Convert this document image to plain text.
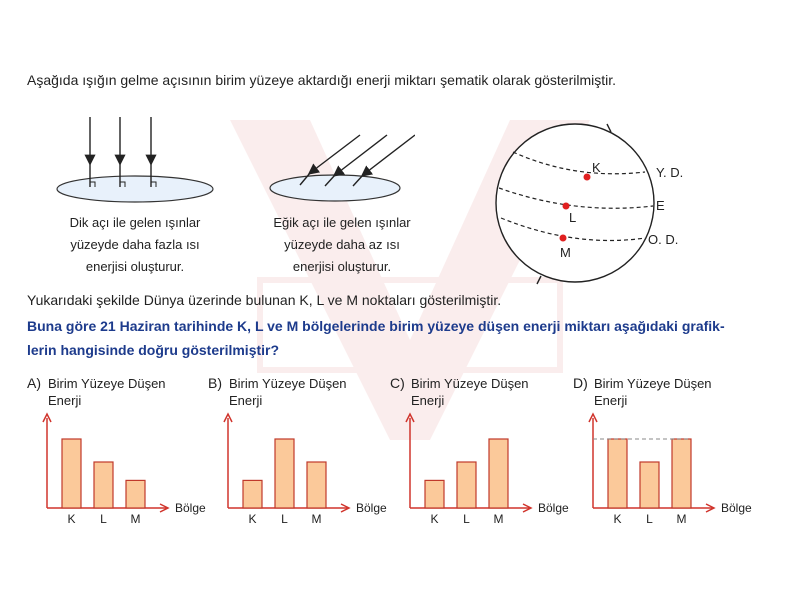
Aşağıda ışığın gelme açısının birim yüzeye aktardığı enerji miktarı şematik olarak gösterilmiştir.
Dik açı ile gelen ışınlar
yüzeyde daha fazla ısı
enerjisi oluşturur.
Eğik açı ile gelen ışınlar
yüzeyde daha az ısı
enerjisi oluşturur.
K
L
M
Y. D.
E
O. D.
Yukarıdaki şekilde Dünya üzerinde bulunan K, L ve M noktaları gösterilmiştir.
Buna göre 21 Haziran tarihinde K, L ve M bölgelerinde birim yüzeye düşen enerji miktarı aşağıdaki grafik-
lerin hangisinde doğru gösterilmiştir?
A) Birim Yüzeye Düşen
Enerji
K L M
Bölge
B) Birim Yüzeye Düşen
Enerji
K L M
Bölge
C) Birim Yüzeye Düşen
Enerji
K L M
Bölge
D) Birim Yüzeye Düşen
Enerji
K L M
Bölge
